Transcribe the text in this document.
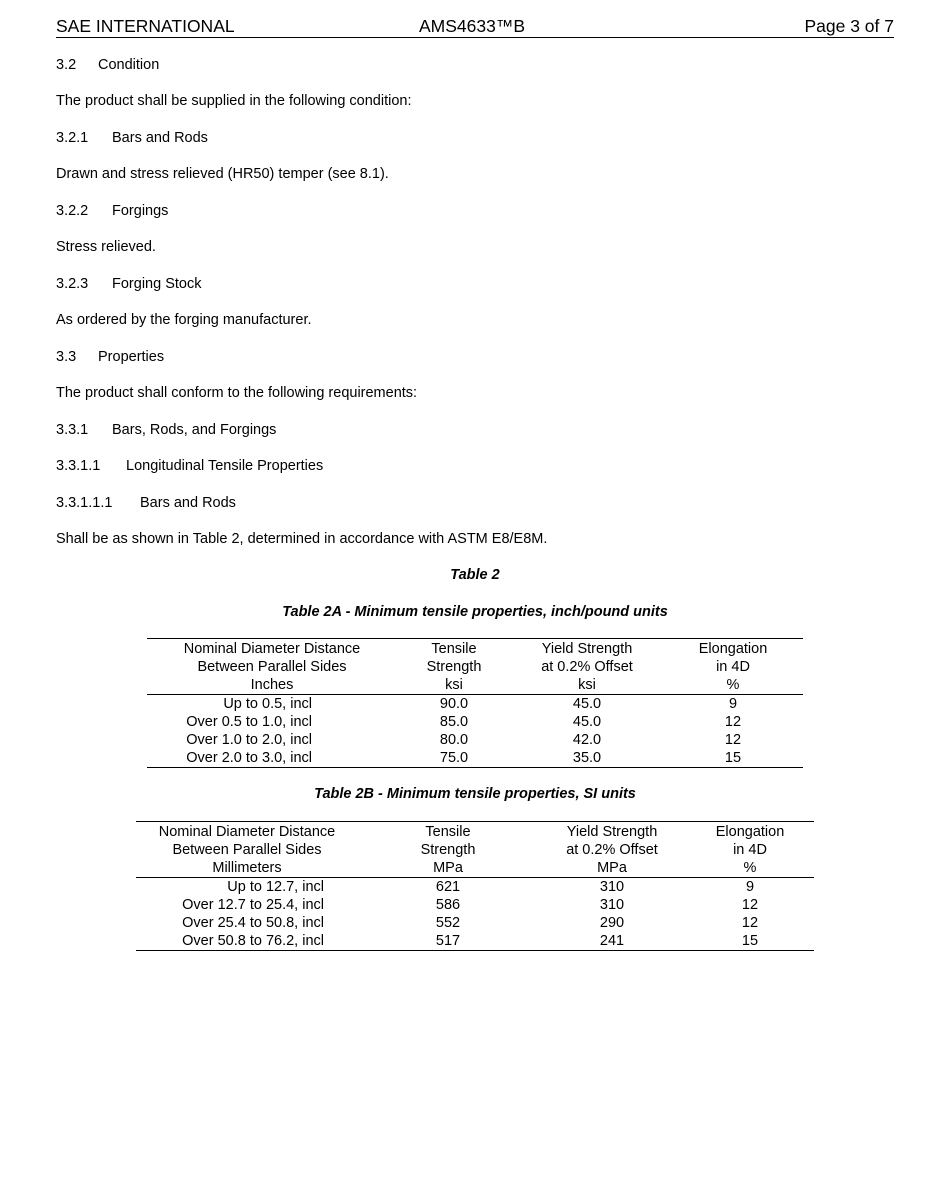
SAE INTERNATIONAL	AMS4633™B	Page 3 of 7
3.2 Condition
The product shall be supplied in the following condition:
3.2.1 Bars and Rods
Drawn and stress relieved (HR50) temper (see 8.1).
3.2.2 Forgings
Stress relieved.
3.2.3 Forging Stock
As ordered by the forging manufacturer.
3.3 Properties
The product shall conform to the following requirements:
3.3.1 Bars, Rods, and Forgings
3.3.1.1 Longitudinal Tensile Properties
3.3.1.1.1 Bars and Rods
Shall be as shown in Table 2, determined in accordance with ASTM E8/E8M.
Table 2
Table 2A - Minimum tensile properties, inch/pound units
Nominal Diameter Distance	Tensile	Yield Strength	Elongation
Between Parallel Sides	Strength	at 0.2% Offset	in 4D
Inches	ksi	ksi	%
Up to 0.5, incl	90.0	45.0	9
Over 0.5 to 1.0, incl	85.0	45.0	12
Over 1.0 to 2.0, incl	80.0	42.0	12
Over 2.0 to 3.0, incl	75.0	35.0	15
Table 2B - Minimum tensile properties, SI units
Nominal Diameter Distance	Tensile	Yield Strength	Elongation
Between Parallel Sides	Strength	at 0.2% Offset	in 4D
Millimeters	MPa	MPa	%
Up to 12.7, incl	621	310	9
Over 12.7 to 25.4, incl	586	310	12
Over 25.4 to 50.8, incl	552	290	12
Over 50.8 to 76.2, incl	517	241	15
